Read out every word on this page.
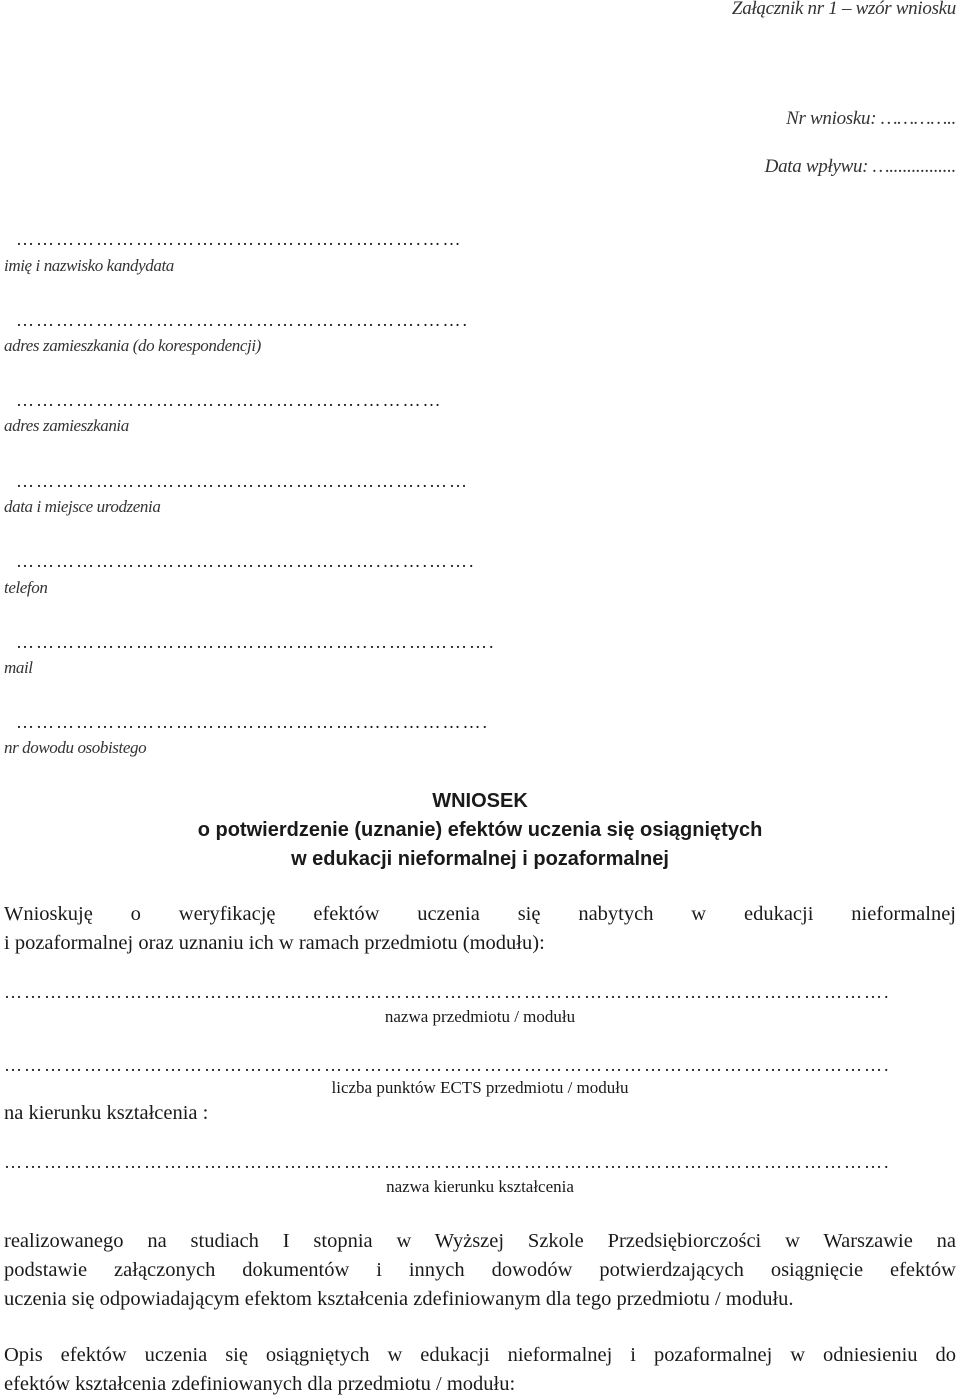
Załącznik nr 1 – wzór wniosku
Nr wniosku: …………..
Data wpływu: …...............
…………………………………………………….……
imię i nazwisko kandydata
…………………………………………………….…….
adres zamieszkania (do korespondencji)
…………………………………………….…………
adres zamieszkania
……………………………………………………..……
data i miejsce urodzenia
……………………………………………….…….…….
telefon
……………………………………………..……………….
mail
…………………………………………….……………….
nr dowodu osobistego
WNIOSEK
o potwierdzenie (uznanie) efektów uczenia się osiągniętych
w edukacji nieformalnej i pozaformalnej
Wnioskuję o weryfikację efektów uczenia się nabytych w edukacji nieformalnej
i pozaformalnej oraz uznaniu ich w ramach przedmiotu (modułu):
…………………………………………………………………………………………………………………….
nazwa przedmiotu / modułu
…………………………………………………………………………………………………………………….
liczba punktów ECTS przedmiotu / modułu
na kierunku kształcenia :
…………………………………………………………………………………………………………………….
nazwa kierunku kształcenia
realizowanego na studiach I stopnia w Wyższej Szkole Przedsiębiorczości w Warszawie na
podstawie załączonych dokumentów i innych dowodów potwierdzających osiągnięcie efektów
uczenia się odpowiadającym efektom kształcenia zdefiniowanym dla tego przedmiotu / modułu.
Opis efektów uczenia się osiągniętych w edukacji nieformalnej i pozaformalnej w odniesieniu do
efektów kształcenia zdefiniowanych dla przedmiotu / modułu:
